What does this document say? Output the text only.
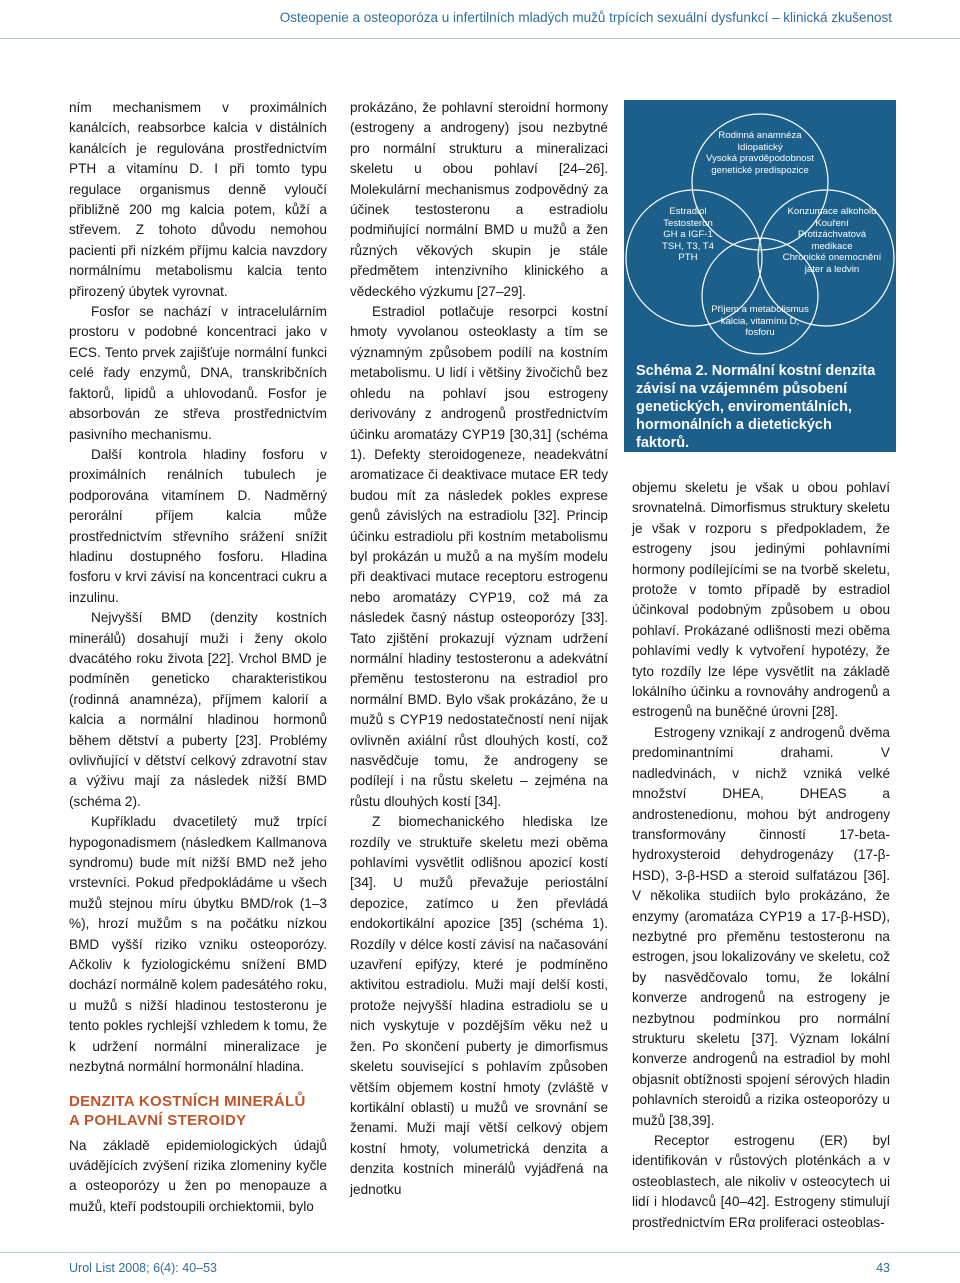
Osteopenie a osteoporóza u infertilních mladých mužů trpících sexuální dysfunkcí – klinická zkušenost

ním mechanismem v proximálních kanálcích, reabsorbce kalcia v distálních kanálcích je regulována prostřednictvím PTH a vitamínu D. I při tomto typu regulace organismus denně vyloučí přibližně 200 mg kalcia potem, kůží a střevem. Z tohoto důvodu nemohou pacienti při nízkém příjmu kalcia navzdory normálnímu metabolismu kalcia tento přirozený úbytek vyrovnat.

Fosfor se nachází v intracelulárním prostoru v podobné koncentraci jako v ECS. Tento prvek zajišťuje normální funkci celé řady enzymů, DNA, transkribčních faktorů, lipidů a uhlovodanů. Fosfor je absorbován ze střeva prostřednictvím pasivního mechanismu.

Další kontrola hladiny fosforu v proximálních renálních tubulech je podporována vitamínem D. Nadměrný perorální příjem kalcia může prostřednictvím střevního srážení snížit hladinu dostupného fosforu. Hladina fosforu v krvi závisí na koncentraci cukru a inzulinu.

Nejvyšší BMD (denzity kostních minerálů) dosahují muži i ženy okolo dvacátého roku života [22]. Vrchol BMD je podmíněn geneticko charakteristikou (rodinná anamnéza), příjmem kalorií a kalcia a normální hladinou hormonů během dětství a puberty [23]. Problémy ovlivňující v dětství celkový zdravotní stav a výživu mají za následek nižší BMD (schéma 2).

Kupříkladu dvacetiletý muž trpící hypogonadismem (následkem Kallmanova syndromu) bude mít nižší BMD než jeho vrstevníci. Pokud předpokládáme u všech mužů stejnou míru úbytku BMD/rok (1–3 %), hrozí mužům s na počátku nízkou BMD vyšší riziko vzniku osteoporózy. Ačkoliv k fyziologickému snížení BMD dochází normálně kolem padesátého roku, u mužů s nižší hladinou testosteronu je tento pokles rychlejší vzhledem k tomu, že k udržení normální mineralizace je nezbytná normální hormonální hladina.

DENZITA KOSTNÍCH MINERÁLŮ
A POHLAVNÍ STEROIDY

Na základě epidemiologických údajů uvádějících zvýšení rizika zlomeniny kyčle a osteoporózy u žen po menopauze a mužů, kteří podstoupili orchiektomii, bylo

prokázáno, že pohlavní steroidní hormony (estrogeny a androgeny) jsou nezbytné pro normální strukturu a mineralizaci skeletu u obou pohlaví [24–26]. Molekulární mechanismus zodpovědný za účinek testosteronu a estradiolu podmiňující normální BMD u mužů a žen různých věkových skupin je stále předmětem intenzivního klinického a vědeckého výzkumu [27–29].

Estradiol potlačuje resorpci kostní hmoty vyvolanou osteoklasty a tím se významným způsobem podílí na kostním metabolismu. U lidí i většiny živočichů bez ohledu na pohlaví jsou estrogeny derivovány z androgenů prostřednictvím účinku aromatázy CYP19 [30,31] (schéma 1). Defekty steroidogeneze, neadekvátní aromatizace či deaktivace mutace ER tedy budou mít za následek pokles exprese genů závislých na estradiolu [32]. Princip účinku estradiolu při kostním metabolismu byl prokázán u mužů a na myším modelu při deaktivaci mutace receptoru estrogenu nebo aromatázy CYP19, což má za následek časný nástup osteoporózy [33]. Tato zjištění prokazují význam udržení normální hladiny testosteronu a adekvátní přeměnu testosteronu na estradiol pro normální BMD. Bylo však prokázáno, že u mužů s CYP19 nedostatečností není nijak ovlivněn axiální růst dlouhých kostí, což nasvědčuje tomu, že androgeny se podílejí i na růstu skeletu – zejména na růstu dlouhých kostí [34].

Z biomechanického hlediska lze rozdíly ve struktuře skeletu mezi oběma pohlavími vysvětlit odlišnou apozicí kostí [34]. U mužů převažuje periostální depozice, zatímco u žen převládá endokortikální apozice [35] (schéma 1). Rozdíly v délce kostí závisí na načasování uzavření epifýzy, které je podmíněno aktivitou estradiolu. Muži mají delší kosti, protože nejvyšší hladina estradiolu se u nich vyskytuje v pozdějším věku než u žen. Po skončení puberty je dimorfismus skeletu související s pohlavím způsoben větším objemem kostní hmoty (zvláště v kortikální oblasti) u mužů ve srovnání se ženami. Muži mají větší celkový objem kostní hmoty, volumetrická denzita a denzita kostních minerálů vyjádřená na jednotku

Rodinná anamnéza
Idiopatický
Vysoká pravděpodobnost
genetické predispozice
Estradiol
Testosteron
GH a IGF-1
TSH, T3, T4
PTH
Konzumace alkoholu
Kouření
Protizáchvatová
medikace
Chronické onemocnění
jater a ledvin
Příjem a metabolismus
kalcia, vitamínu D,
fosforu
Schéma 2. Normální kostní denzita závisí na vzájemném působení genetických, enviromentálních, hormonálních a dietetických faktorů.

objemu skeletu je však u obou pohlaví srovnatelná. Dimorfismus struktury skeletu je však v rozporu s předpokladem, že estrogeny jsou jedinými pohlavními hormony podílejícími se na tvorbě skeletu, protože v tomto případě by estradiol účinkoval podobným způsobem u obou pohlaví. Prokázané odlišnosti mezi oběma pohlavími vedly k vytvoření hypotézy, že tyto rozdíly lze lépe vysvětlit na základě lokálního účinku a rovnováhy androgenů a estrogenů na buněčné úrovni [28].

Estrogeny vznikají z androgenů dvěma predominantními drahami. V nadledvinách, v nichž vzniká velké množství DHEA, DHEAS a androstenedionu, mohou být androgeny transformovány činností 17-beta-hydroxysteroid dehydrogenázy (17-β-HSD), 3-β-HSD a steroid sulfatázou [36]. V několika studiích bylo prokázáno, že enzymy (aromatáza CYP19 a 17-β-HSD), nezbytné pro přeměnu testosteronu na estrogen, jsou lokalizovány ve skeletu, což by nasvědčovalo tomu, že lokální konverze androgenů na estrogeny je nezbytnou podmínkou pro normální strukturu skeletu [37]. Význam lokální konverze androgenů na estradiol by mohl objasnit obtížnosti spojení sérových hladin pohlavních steroidů a rizika osteoporózy u mužů [38,39].

Receptor estrogenu (ER) byl identifikován v růstových ploténkách a v osteoblastech, ale nikoliv v osteocytech ui lidí i hlodavců [40–42]. Estrogeny stimulují prostřednictvím ERα proliferaci osteoblas-

Urol List 2008; 6(4): 40–53	43
